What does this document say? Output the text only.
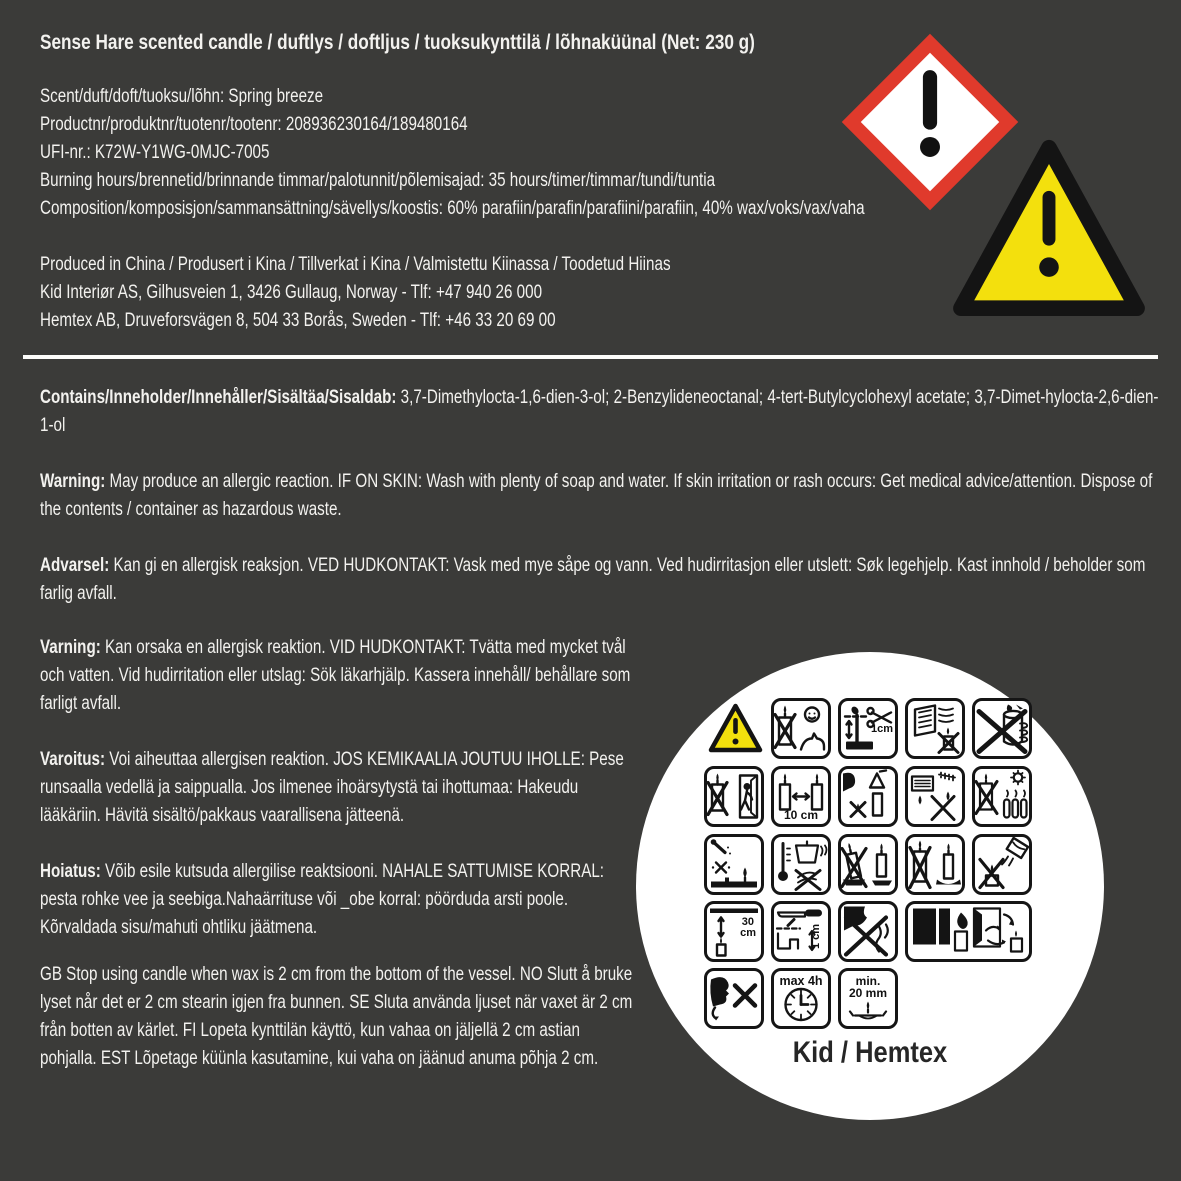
Sense Hare scented candle / duftlys / doftljus / tuoksukynttilä / lõhnaküünal (Net: 230 g)
Scent/duft/doft/tuoksu/lõhn: Spring breeze
Productnr/produktnr/tuotenr/tootenr: 208936230164/189480164
UFI-nr.: K72W-Y1WG-0MJC-7005
Burning hours/brennetid/brinnande timmar/palotunnit/põlemisajad: 35 hours/timer/timmar/tundi/tuntia
Composition/komposisjon/sammansättning/sävellys/koostis: 60% parafiin/parafin/parafiini/parafiin, 40% wax/voks/vax/vaha
Produced in China / Produsert i Kina / Tillverkat i Kina / Valmistettu Kiinassa / Toodetud Hiinas
Kid Interiør AS, Gilhusveien 1, 3426 Gullaug, Norway - Tlf: +47 940 26 000
Hemtex AB, Druveforsvägen 8, 504 33 Borås, Sweden - Tlf: +46 33 20 69 00

Contains/Inneholder/Innehåller/Sisältäa/Sisaldab: 3,7-Dimethylocta-1,6-dien-3-ol; 2-Benzylideneoctanal; 4-tert-Butylcyclohexyl acetate; 3,7-Dimet-hylocta-2,6-dien-1-ol

Warning: May produce an allergic reaction. IF ON SKIN: Wash with plenty of soap and water. If skin irritation or rash occurs: Get medical advice/attention. Dispose of the contents / container as hazardous waste.

Advarsel: Kan gi en allergisk reaksjon. VED HUDKONTAKT: Vask med mye såpe og vann. Ved hudirritasjon eller utslett: Søk legehjelp. Kast innhold / beholder som farlig avfall.

Varning: Kan orsaka en allergisk reaktion. VID HUDKONTAKT: Tvätta med mycket tvål och vatten. Vid hudirritation eller utslag: Sök läkarhjälp. Kassera innehåll/ behållare som farligt avfall.

Varoitus: Voi aiheuttaa allergisen reaktion. JOS KEMIKAALIA JOUTUU IHOLLE: Pese runsaalla vedellä ja saippualla. Jos ilmenee ihoärsytystä tai ihottumaa: Hakeudu lääkäriin. Hävitä sisältö/pakkaus vaarallisena jätteenä.

Hoiatus: Võib esile kutsuda allergilise reaktsiooni. NAHALE SATTUMISE KORRAL: pesta rohke vee ja seebiga.Nahaärrituse või _obe korral: pöörduda arsti poole. Kõrvaldada sisu/mahuti ohtliku jäätmena.

GB Stop using candle when wax is 2 cm from the bottom of the vessel. NO Slutt å bruke lyset når det er 2 cm stearin igjen fra bunnen. SE Sluta använda ljuset när vaxet är 2 cm från botten av kärlet. FI Lopeta kynttilän käyttö, kun vahaa on jäljellä 2 cm astian pohjalla. EST Lõpetage küünla kasutamine, kui vaha on jäänud anuma põhja 2 cm.

1cm
10 cm
30
cm	1 cm
max 4h	min.
20 mm
Kid / Hemtex
